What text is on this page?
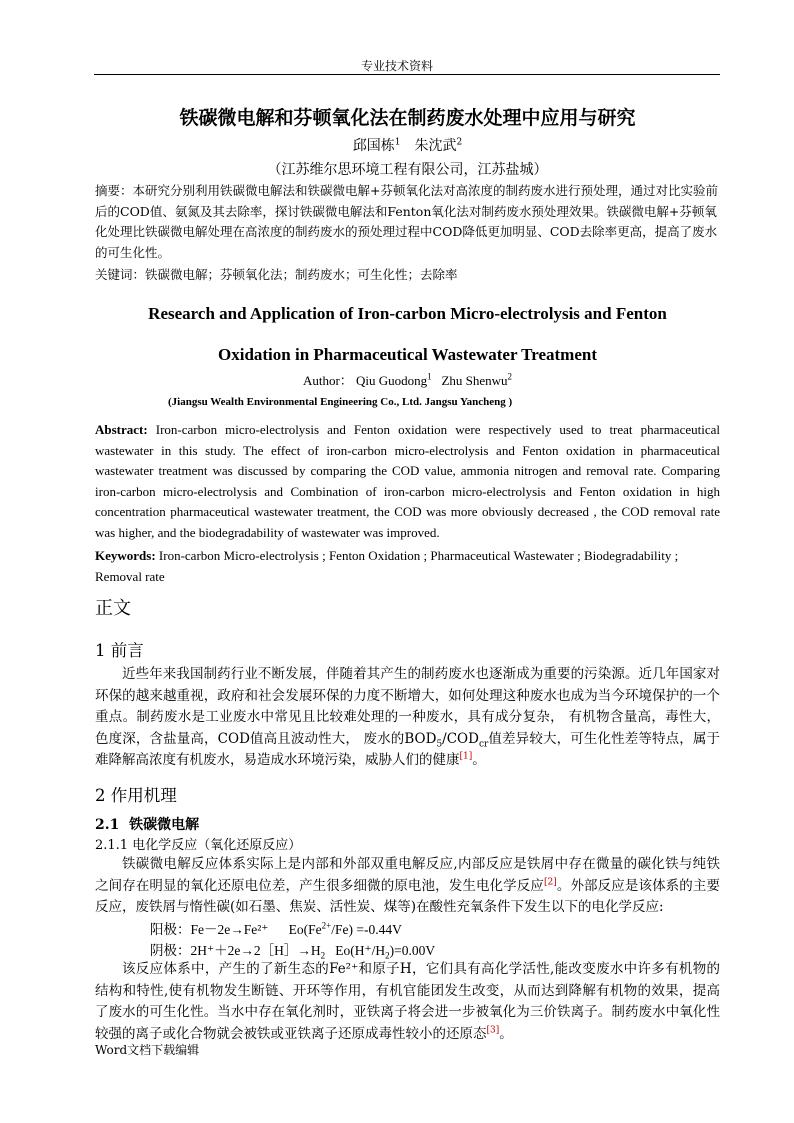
专业技术资料
铁碳微电解和芬顿氧化法在制药废水处理中应用与研究
邱国栋$^1$ 朱沈武$^2$
（江苏维尔思环境工程有限公司，江苏盐城）
摘要：本研究分别利用铁碳微电解法和铁碳微电解+芬顿氧化法对高浓度的制药废水进行预处理，通过对比实验前后的COD值、氨氮及其去除率，探讨铁碳微电解法和Fenton氧化法对制药废水预处理效果。铁碳微电解+芬顿氧化处理比铁碳微电解处理在高浓度的制药废水的预处理过程中COD降低更加明显、COD去除率更高，提高了废水的可生化性。
关键词：铁碳微电解；芬顿氧化法；制药废水；可生化性；去除率
Research and Application of Iron-carbon Micro-electrolysis and Fenton
Oxidation in Pharmaceutical Wastewater Treatment
Author： Qiu Guodong$^1$ Zhu Shenwu$^2$
(Jiangsu Wealth Environmental Engineering Co., Ltd. Jangsu Yancheng )
Abstract: Iron-carbon micro-electrolysis and Fenton oxidation were respectively used to treat pharmaceutical wastewater in this study. The effect of iron-carbon micro-electrolysis and Fenton oxidation in pharmaceutical wastewater treatment was discussed by comparing the COD value, ammonia nitrogen and removal rate. Comparing iron-carbon micro-electrolysis and Combination of iron-carbon micro-electrolysis and Fenton oxidation in high concentration pharmaceutical wastewater treatment, the COD was more obviously decreased , the COD removal rate was higher, and the biodegradability of wastewater was improved.
Keywords: Iron-carbon Micro-electrolysis ; Fenton Oxidation ; Pharmaceutical Wastewater ; Biodegradability ; Removal rate
正文
1 前言
近些年来我国制药行业不断发展，伴随着其产生的制药废水也逐渐成为重要的污染源。近几年国家对环保的越来越重视，政府和社会发展环保的力度不断增大，如何处理这种废水也成为当今环境保护的一个重点。制药废水是工业废水中常见且比较难处理的一种废水，具有成分复杂， 有机物含量高，毒性大，色度深，含盐量高，COD值高且波动性大， 废水的$BOD_5/COD_{cr}$值差异较大，可生化性差等特点，属于难降解高浓度有机废水，易造成水环境污染，威胁人们的健康[1]。
2 作用机理
2.1 铁碳微电解
2.1.1 电化学反应（氧化还原反应）
铁碳微电解反应体系实际上是内部和外部双重电解反应,内部反应是铁屑中存在微量的碳化铁与纯铁之间存在明显的氧化还原电位差，产生很多细微的原电池，发生电化学反应[2]。外部反应是该体系的主要反应，废铁屑与惰性碳(如石墨、焦炭、活性炭、煤等)在酸性充氧条件下发生以下的电化学反应:
阳极：Fe－2e→Fe²⁺ $Eo(Fe^{2+}/Fe) =-0.44V$
阴极：$2H^++2e\to 2[H]\to H_2$ $Eo(H^+/H_2)=0.00V$
该反应体系中，产生的了新生态的Fe²⁺和原子H，它们具有高化学活性,能改变废水中许多有机物的结构和特性,使有机物发生断链、开环等作用，有机官能团发生改变，从而达到降解有机物的效果，提高了废水的可生化性。当水中存在氧化剂时，亚铁离子将会进一步被氧化为三价铁离子。制药废水中氧化性较强的离子或化合物就会被铁或亚铁离子还原成毒性较小的还原态[3]。
Word文档下载编辑
